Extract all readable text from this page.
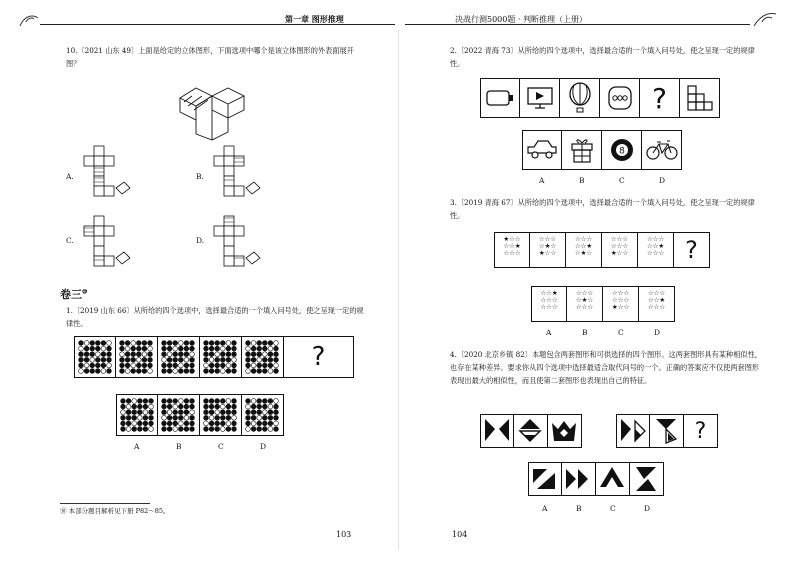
第一章 图形推理	决战行测5000题 · 判断推理（上册）
10.〔2021 山东 49〕上面是给定的立体图形，下面选项中哪个是该立体图形的外表面展开图？
A.	B.
C.	D.
卷三⑩
1.〔2019 山东 66〕从所给的四个选项中，选择最合适的一个填入问号处，使之呈现一定的规律性。
?
A	B	C	D
⑩ 本部分题目解析见下册 P82～85。
103
2.〔2022 青海 73〕从所给的四个选项中，选择最合适的一个填入问号处，使之呈现一定的规律性。
?
8
A	B	C	D
3.〔2019 青海 67〕从所给的四个选项中，选择最合适的一个填入问号处，使之呈现一定的规律性。
★☆☆
☆☆★
☆☆☆
☆☆☆
☆★☆
★☆☆
☆☆☆
☆☆★
☆★☆
☆☆☆
☆☆☆
★☆☆
☆☆☆
☆☆★
☆☆☆ ?
☆☆★
☆☆☆
☆☆☆
☆☆☆
☆★☆
☆☆☆
☆☆☆
☆☆☆
★☆☆
☆☆☆
☆☆★
☆☆☆
A	B	C	D
4.〔2020 北京乡镇 82〕本题包含两套图形和可供选择的四个图形。这两套图形具有某种相似性，也存在某种差异。要求你从四个选项中选择最适合取代问号的一个。正确的答案应不仅使两套图形表现出最大的相似性，而且使第二套图形也表现出自己的特征。
?
A	B	C	D
104
